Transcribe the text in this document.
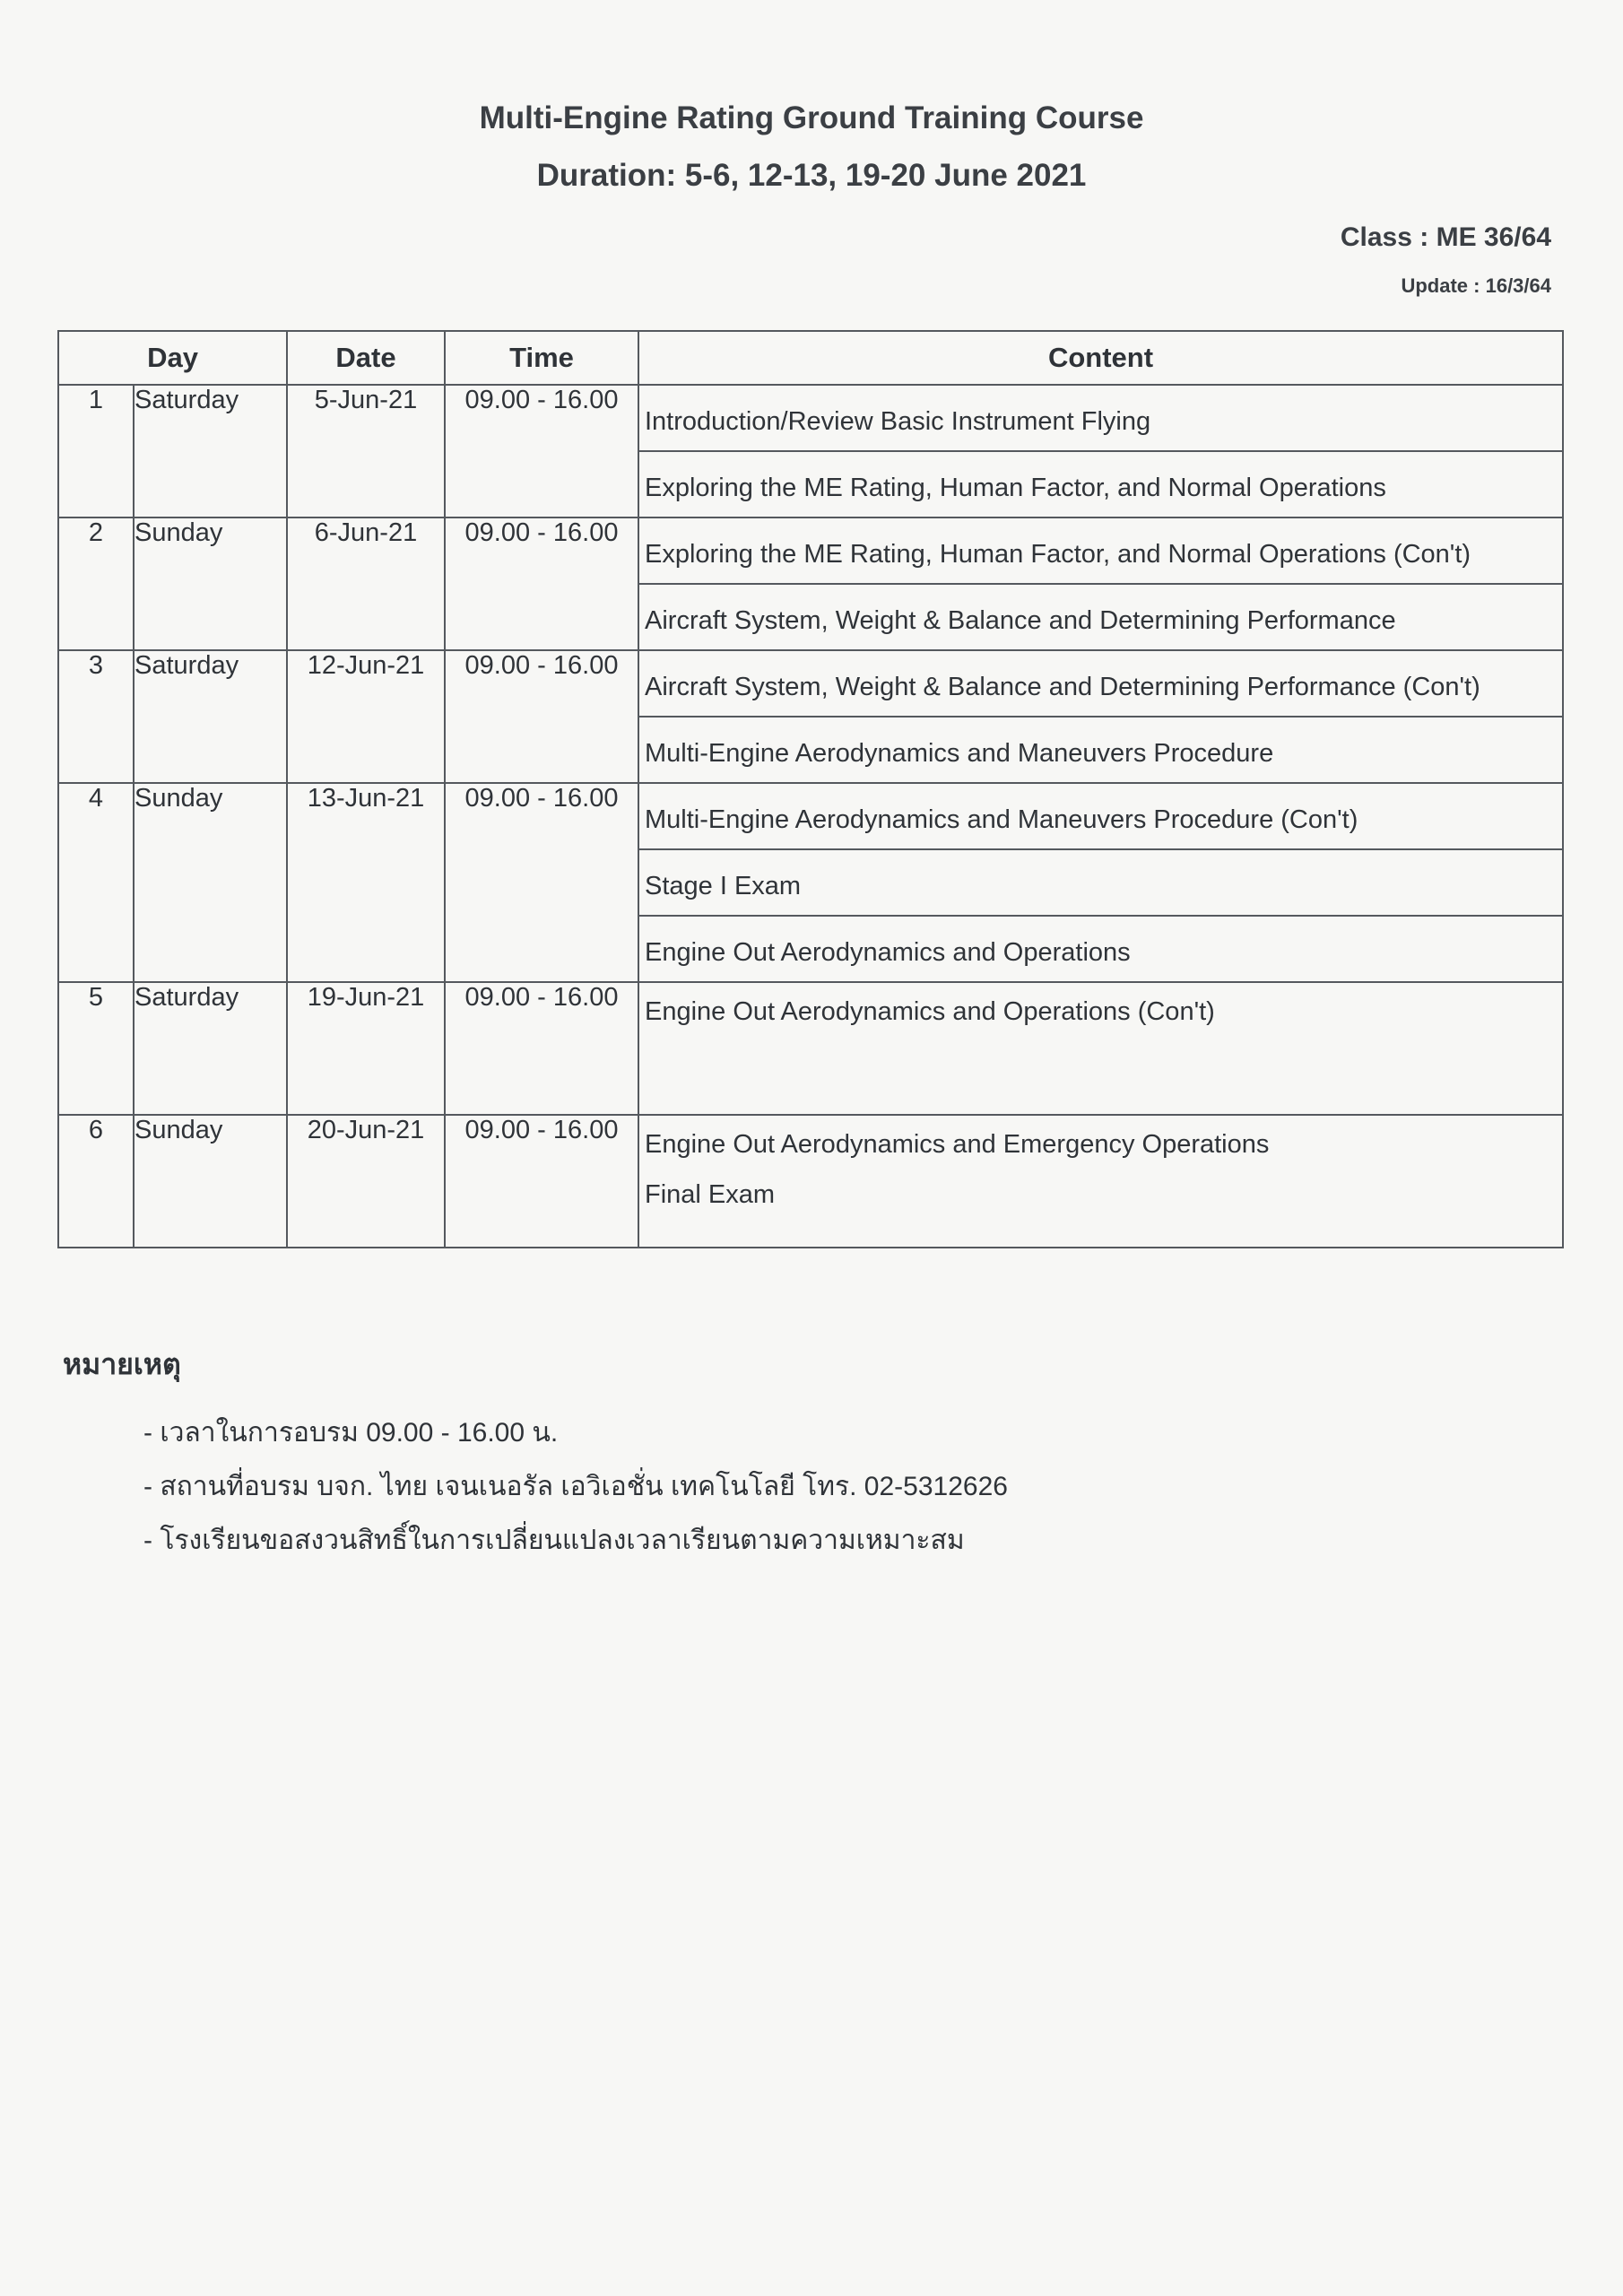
Multi-Engine Rating Ground Training Course
Duration: 5-6, 12-13, 19-20 June 2021
Class : ME 36/64
Update : 16/3/64
Day		Date	Time	Content
1	Saturday	5-Jun-21	09.00 - 16.00	Introduction/Review Basic Instrument Flying
Exploring the ME Rating, Human Factor, and Normal Operations

2	Sunday	6-Jun-21	09.00 - 16.00	Exploring the ME Rating, Human Factor, and Normal Operations (Con't)
Aircraft System, Weight & Balance and Determining Performance

3	Saturday	12-Jun-21	09.00 - 16.00	Aircraft System, Weight & Balance and Determining Performance (Con't)
Multi-Engine Aerodynamics and Maneuvers Procedure

4	Sunday	13-Jun-21	09.00 - 16.00	Multi-Engine Aerodynamics and Maneuvers Procedure (Con't)
Stage I Exam
Engine Out Aerodynamics and Operations

5	Saturday	19-Jun-21	09.00 - 16.00	Engine Out Aerodynamics and Operations (Con't)

6	Sunday	20-Jun-21	09.00 - 16.00	Engine Out Aerodynamics and Emergency Operations
Final Exam
หมายเหตุ
- เวลาในการอบรม 09.00 - 16.00 น.
- สถานที่อบรม บจก. ไทย เจนเนอรัล เอวิเอชั่น เทคโนโลยี โทร. 02-5312626
- โรงเรียนขอสงวนสิทธิ์ในการเปลี่ยนแปลงเวลาเรียนตามความเหมาะสม
